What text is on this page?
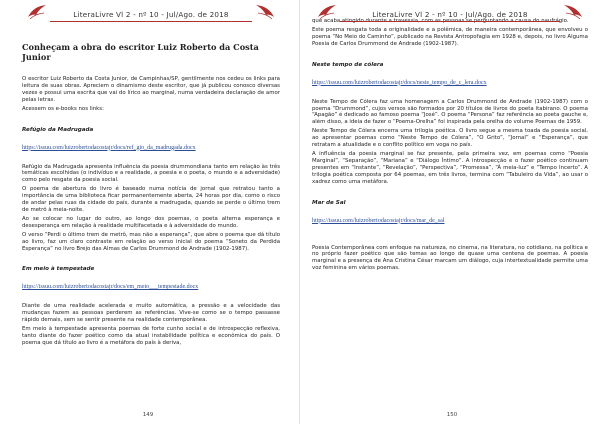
LiteraLivre Vl 2 - nº 10 - Jul/Ago. de 2018
Conheçam a obra do escritor Luiz Roberto da Costa Junior

O escritor Luiz Roberto da Costa Junior, de Campinhas/SP, gentilmente nos cedeu os links para leitura de suas obras. Apreciem o dinamismo deste escritor, que já publicou conosco diversas vezes e possui uma escrita que vai do lírico ao marginal, numa verdadeira declaração de amor pelas letras.

Acessem os e-books nos links:

Refúgio da Madrugada
https://issuu.com/luizrobertodacostajr/docs/ref_gio_da_madrugada.docx

Refúgio da Madrugada apresenta influência da poesia drummondiana tanto em relação às três temáticas escolhidas (o indivíduo e a realidade, a poesia e o poeta, o mundo e a adversidade) como pelo resgate da poesia social.

O poema de abertura do livro é baseado numa notícia de jornal que retratou tanto a importância de uma biblioteca ficar permanentemente aberta, 24 horas por dia, como o risco de andar pelas ruas da cidade do país, durante a madrugada, quando se perde o último trem de metrô à meia-noite.

Ao se colocar no lugar do outro, ao longo dos poemas, o poeta alterna esperança e desesperança em relação à realidade multifacetada e à adversidade do mundo.

O verso “Perdi o último trem de metrô, mas não a esperança”, que abre o poema que dá título ao livro, faz um claro contraste em relação ao verso inicial do poema “Soneto da Perdida Esperança” no livro Brejo das Almas de Carlos Drummond de Andrade (1902-1987).

Em meio à tempestade
https://issuu.com/luizrobertodacostajr/docs/em_meio___tempestade.docx

Diante de uma realidade acelerada e muito automática, a pressão e a velocidade das mudanças fazem as pessoas perderem as referências. Vive-se como se o tempo passasse rápido demais, sem se sentir presente na realidade contemporânea.

Em meio à tempestade apresenta poemas de forte cunho social e de introspecção reflexiva, tanto diante do fazer poético como da atual instabilidade política e econômica do país. O poema que dá título ao livro é a metáfora do país à deriva,

149
LiteraLivre Vl 2 - nº 10 - Jul/Ago. de 2018

que acaba atingido durante a travessia, com as pessoas se perguntando a causa do naufrágio.

Este poema resgata toda a originalidade e a polêmica, de maneira contemporânea, que envolveu o poema “No Meio do Caminho”, publicado na Revista Antropofagia em 1928 e, depois, no livro Alguma Poesia de Carlos Drummond de Andrade (1902-1987).

Neste tempo de cólera
https://issuu.com/luizrobertodacostajr/docs/neste_tempo_de_c_lera.docx

Neste Tempo de Cólera faz uma homenagem a Carlos Drummond de Andrade (1902-1987) com o poema “Drummond”, cujos versos são formados por 20 títulos de livros do poeta itabirano. O poema “Apagão” é dedicado ao famoso poema “José”. O poema “Persona” faz referência ao poeta gauche e, além disso, a ideia de fazer o “Poema-Orelha” foi inspirada pela orelha do volume Poemas de 1959.

Neste Tempo de Cólera encerra uma trilogia poética. O livro segue a mesma toada da poesia social, ao apresentar poemas como “Neste Tempo de Cólera”, “O Grito”, “Jornal” e “Esperança”, que retratam a atualidade e o conflito político em voga no país.

A influência da poesia marginal se faz presente, pela primeira vez, em poemas como “Poesia Marginal”, “Separação”, “Mariana” e “Diálogo Íntimo”. A introspecção e o fazer poético continuam presentes em “Instante”, “Revelação”, “Perspectiva”, “Promessa”, “À meia-luz” e “Tempo Incerto”. A trilogia poética composta por 64 poemas, em três livros, termina com “Tabuleiro da Vida”, ao usar o xadrez como uma metáfora.

Mar de Sal
https://issuu.com/luizrobertodacostajr/docs/mar_de_sal

Poesia Contemporânea com enfoque na natureza, no cinema, na literatura, no cotidiano, na política e no próprio fazer poético que são temas ao longo de quase uma centena de poemas. A poesia marginal e a presença de Ana Cristina César marcam um diálogo, cuja intertextualidade permite uma voz feminina em vários poemas.

150
